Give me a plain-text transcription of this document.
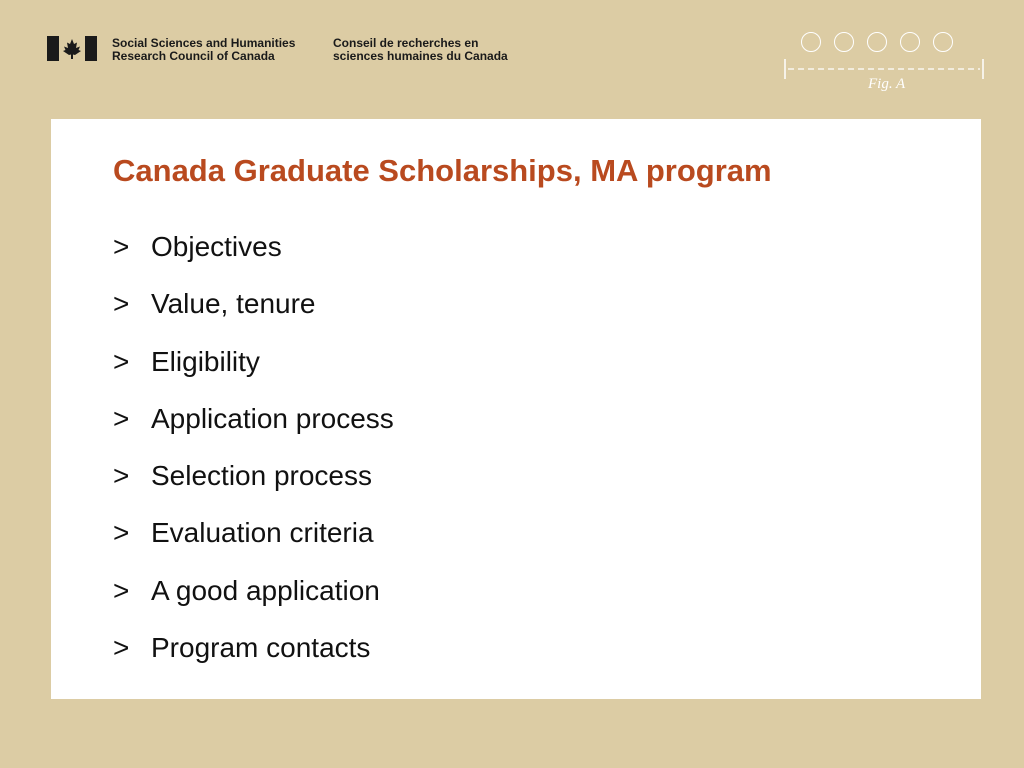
Social Sciences and Humanities
Research Council of Canada
Conseil de recherches en
sciences humaines du Canada
Fig. A
Canada Graduate Scholarships, MA program
> Objectives
> Value, tenure
> Eligibility
> Application process
> Selection process
> Evaluation criteria
> A good application
> Program contacts
